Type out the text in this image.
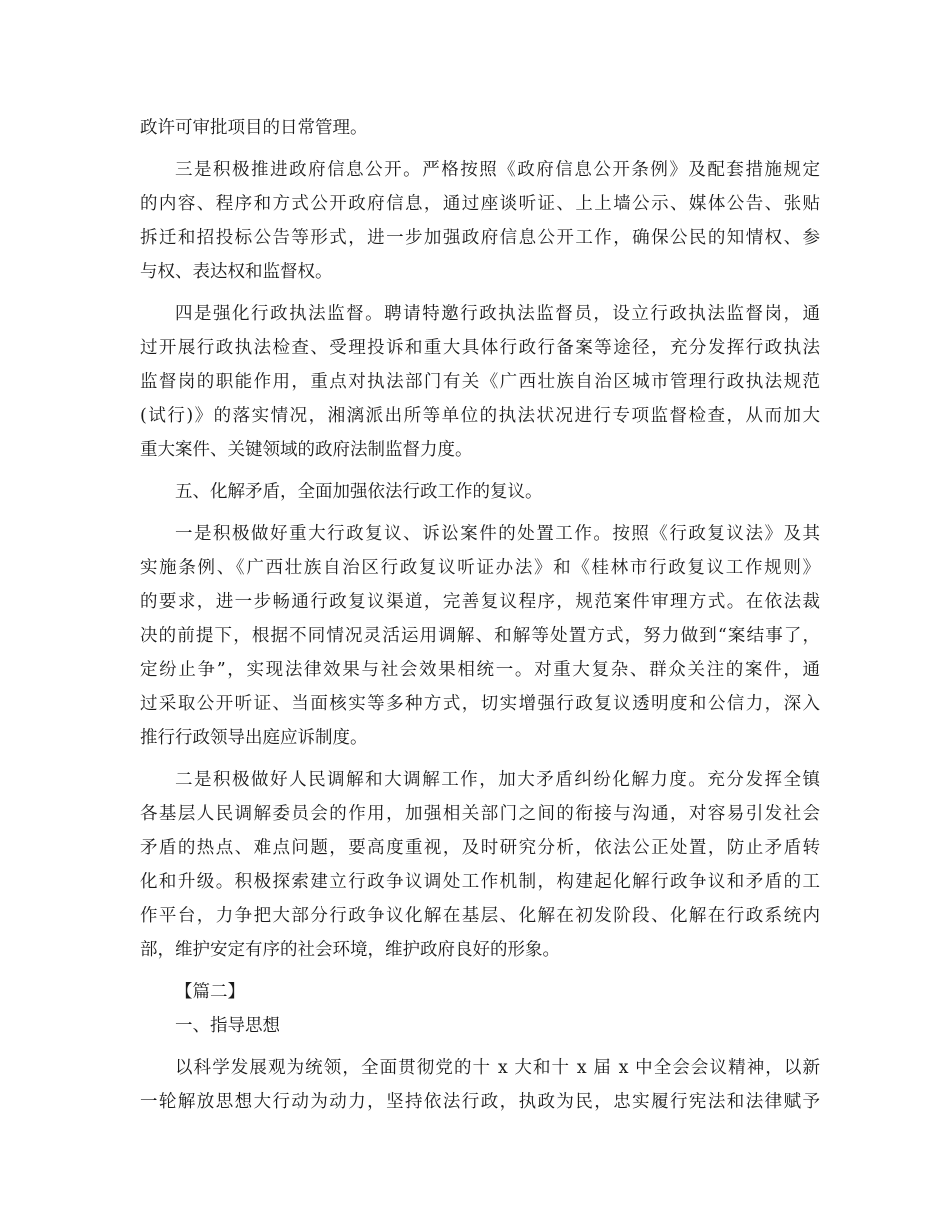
政许可审批项目的日常管理。
三是积极推进政府信息公开。严格按照《政府信息公开条例》及配套措施规定
的内容、程序和方式公开政府信息，通过座谈听证、上上墙公示、媒体公告、张贴
拆迁和招投标公告等形式，进一步加强政府信息公开工作，确保公民的知情权、参
与权、表达权和监督权。
四是强化行政执法监督。聘请特邀行政执法监督员，设立行政执法监督岗，通
过开展行政执法检查、受理投诉和重大具体行政行备案等途径，充分发挥行政执法
监督岗的职能作用，重点对执法部门有关《广西壮族自治区城市管理行政执法规范
(试行)》的落实情况，湘漓派出所等单位的执法状况进行专项监督检查，从而加大
重大案件、关键领域的政府法制监督力度。
五、化解矛盾，全面加强依法行政工作的复议。
一是积极做好重大行政复议、诉讼案件的处置工作。按照《行政复议法》及其
实施条例、《广西壮族自治区行政复议听证办法》和《桂林市行政复议工作规则》
的要求，进一步畅通行政复议渠道，完善复议程序，规范案件审理方式。在依法裁
决的前提下，根据不同情况灵活运用调解、和解等处置方式，努力做到“案结事了，
定纷止争”，实现法律效果与社会效果相统一。对重大复杂、群众关注的案件，通
过采取公开听证、当面核实等多种方式，切实增强行政复议透明度和公信力，深入
推行行政领导出庭应诉制度。
二是积极做好人民调解和大调解工作，加大矛盾纠纷化解力度。充分发挥全镇
各基层人民调解委员会的作用，加强相关部门之间的衔接与沟通，对容易引发社会
矛盾的热点、难点问题，要高度重视，及时研究分析，依法公正处置，防止矛盾转
化和升级。积极探索建立行政争议调处工作机制，构建起化解行政争议和矛盾的工
作平台，力争把大部分行政争议化解在基层、化解在初发阶段、化解在行政系统内
部，维护安定有序的社会环境，维护政府良好的形象。
【篇二】
一、指导思想
以科学发展观为统领，全面贯彻党的十 x 大和十 x 届 x 中全会会议精神，以新
一轮解放思想大行动为动力，坚持依法行政，执政为民，忠实履行宪法和法律赋予
